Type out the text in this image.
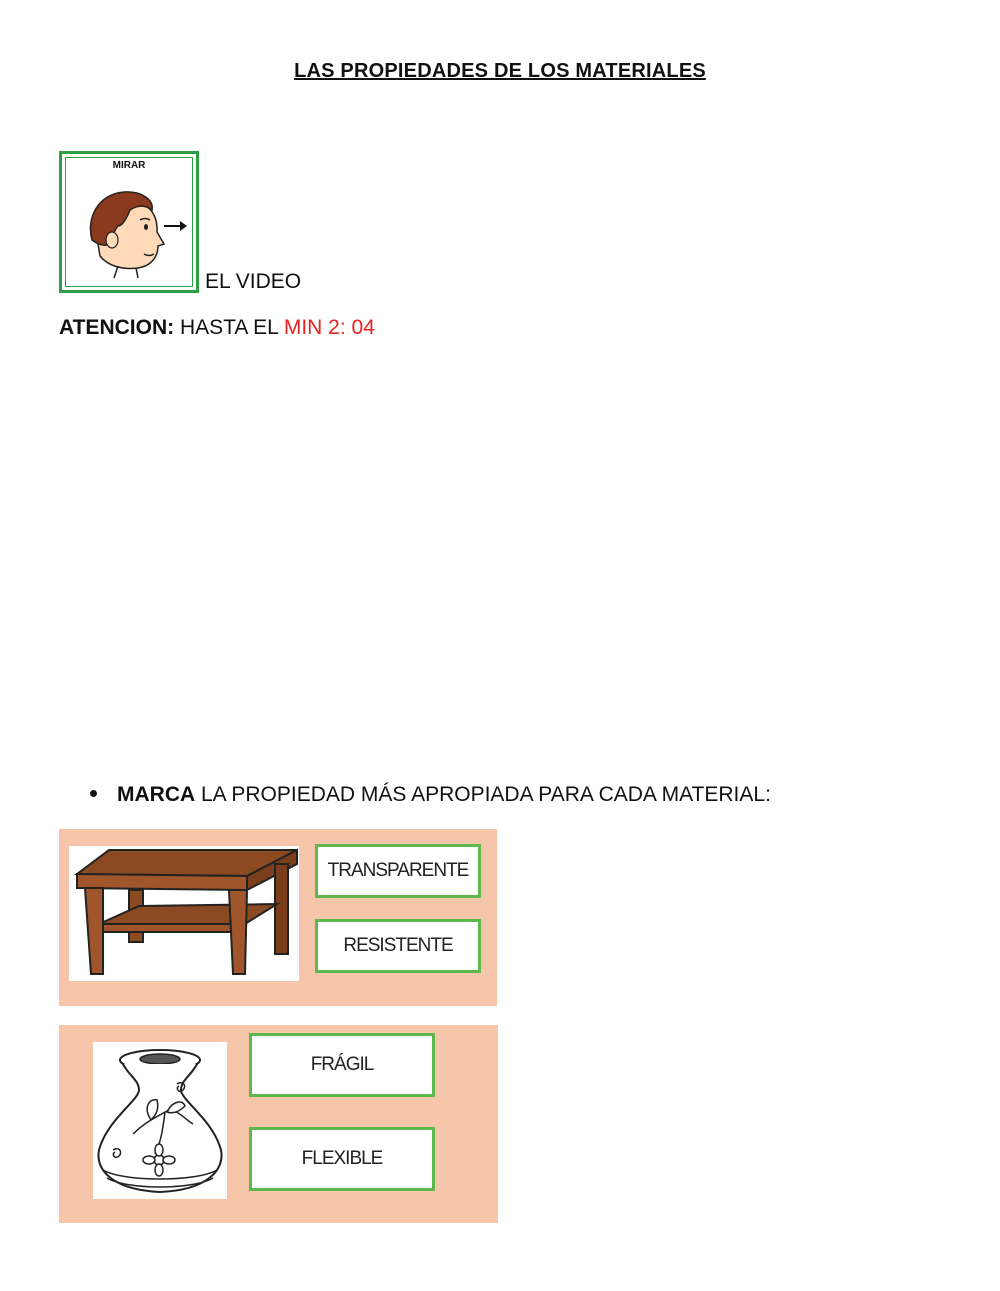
LAS PROPIEDADES DE LOS MATERIALES
MIRAR
EL VIDEO
ATENCION: HASTA EL MIN 2: 04
MARCA LA PROPIEDAD MÁS APROPIADA PARA CADA MATERIAL:
TRANSPARENTE
RESISTENTE
FRÁGIL
FLEXIBLE
